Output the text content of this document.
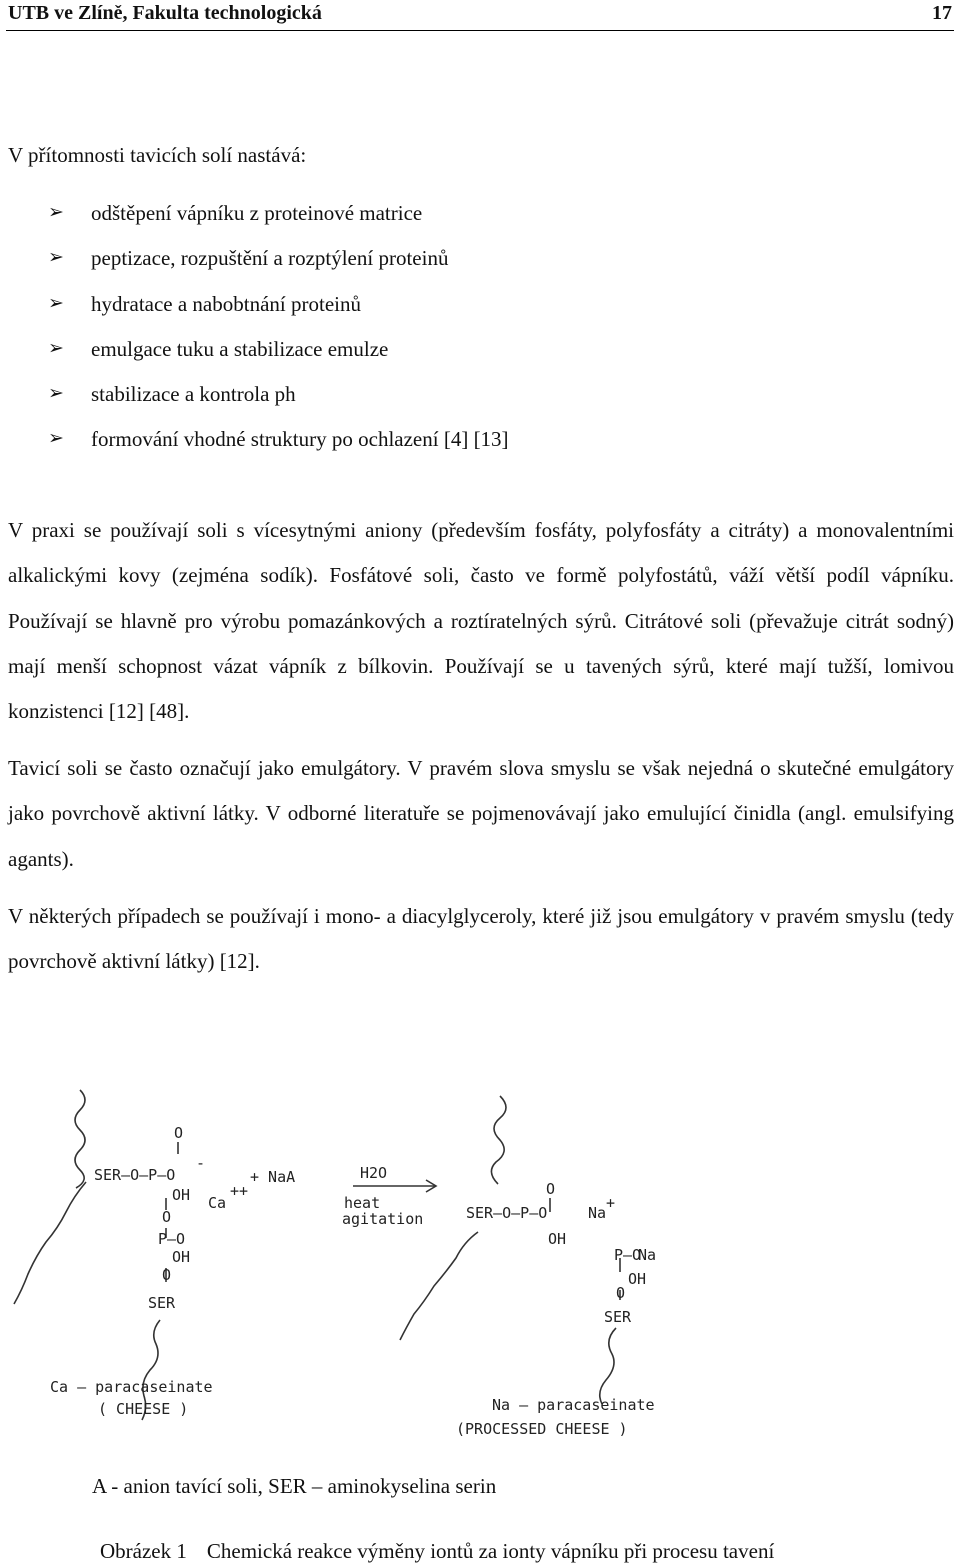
UTB ve Zlíně, Fakulta technologická	17
V přítomnosti tavicích solí nastává:
➢	odštěpení vápníku z proteinové matrice
➢	peptizace, rozpuštění a rozptýlení proteinů
➢	hydratace a nabobtnání proteinů
➢	emulgace tuku a stabilizace emulze
➢	stabilizace a kontrola ph
➢	formování vhodné struktury po ochlazení [4] [13]

V praxi se používají soli s vícesytnými aniony (především fosfáty, polyfosfáty a citráty) a monovalentními alkalickými kovy (zejména sodík). Fosfátové soli, často ve formě polyfostátů, váží větší podíl vápníku. Používají se hlavně pro výrobu pomazánkových a roztíratelných sýrů. Citrátové soli (převažuje citrát sodný) mají menší schopnost vázat vápník z bílkovin. Používají se u tavených sýrů, které mají tužší, lomivou konzistenci [12] [48].

Tavicí soli se často označují jako emulgátory. V pravém slova smyslu se však nejedná o skutečné emulgátory jako povrchově aktivní látky. V odborné literatuře se pojmenovávají jako emulující činidla (angl. emulsifying agants).

V některých případech se používají i mono- a diacylglyceroly, které již jsou emulgátory v pravém smyslu (tedy povrchově aktivní látky) [12].

SER–O–P–O
-
O
OH Ca
++
O
P–O
OH
O
SER
Ca – paracaseinate
( CHEESE )
+ NaA	H2O
heat
agitation	SER–O–P–O	Na
+
O
OH
P–O
Na
OH
O
SER
Na – paracaseinate
(PROCESSED CHEESE )
A - anion tavící soli, SER – aminokyselina serin
Obrázek 1 Chemická reakce výměny iontů za ionty vápníku při procesu tavení
